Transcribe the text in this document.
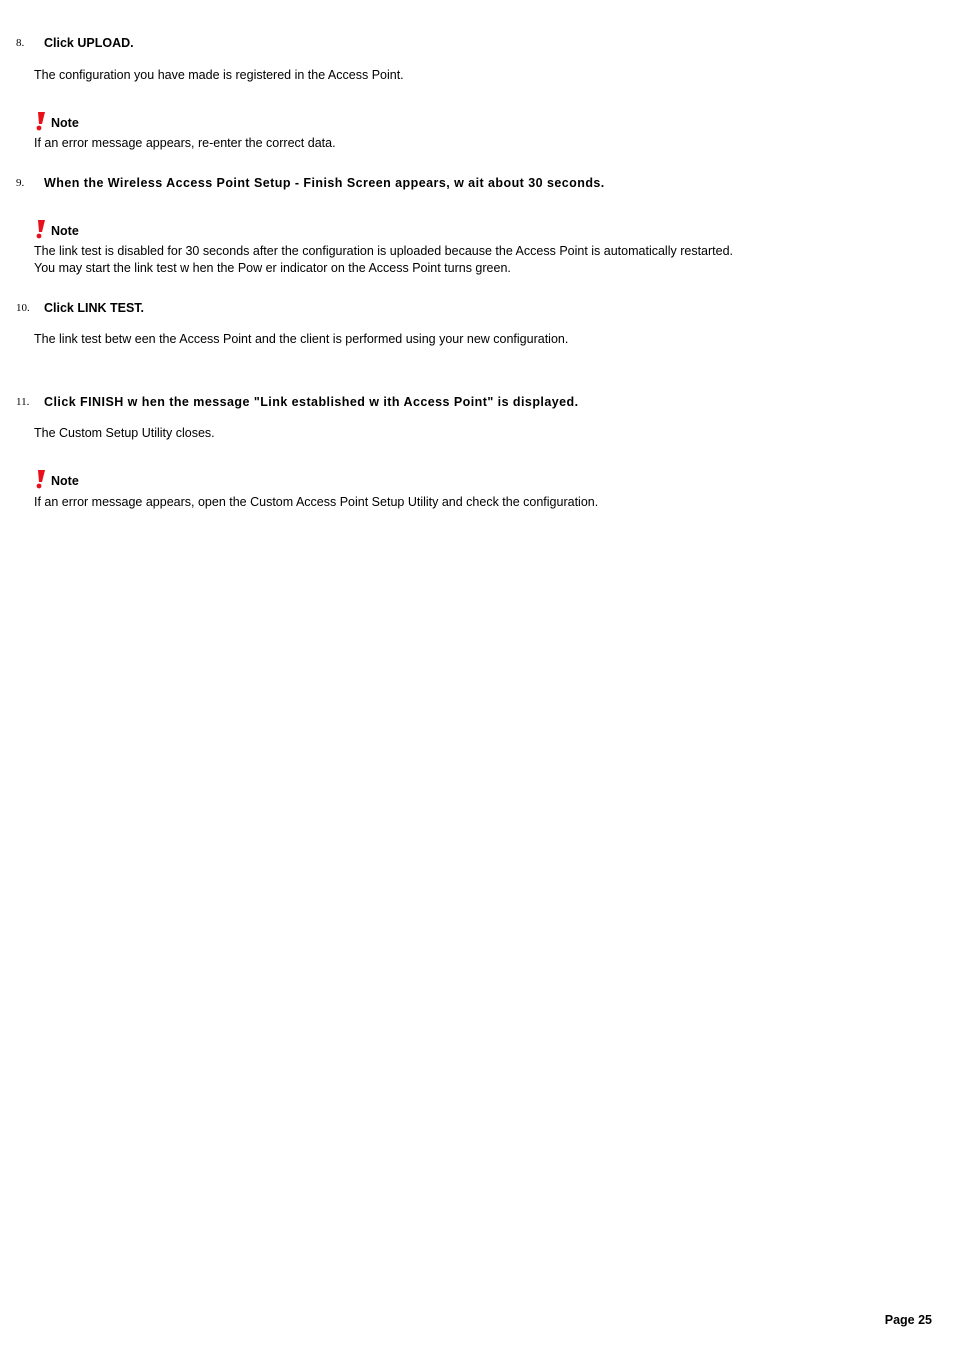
8. Click UPLOAD.
The configuration you have made is registered in the Access Point.
Note
If an error message appears, re-enter the correct data.
9. When the Wireless Access Point Setup - Finish Screen appears, w ait about 30 seconds.
Note
The link test is disabled for 30 seconds after the configuration is uploaded because the Access Point is automatically restarted.
You may start the link test w hen the Pow er indicator on the Access Point turns green.
10. Click LINK TEST.
The link test betw een the Access Point and the client is performed using your new configuration.
11. Click FINISH w hen the message "Link established w ith Access Point" is displayed.
The Custom Setup Utility closes.
Note
If an error message appears, open the Custom Access Point Setup Utility and check the configuration.
Page 25
